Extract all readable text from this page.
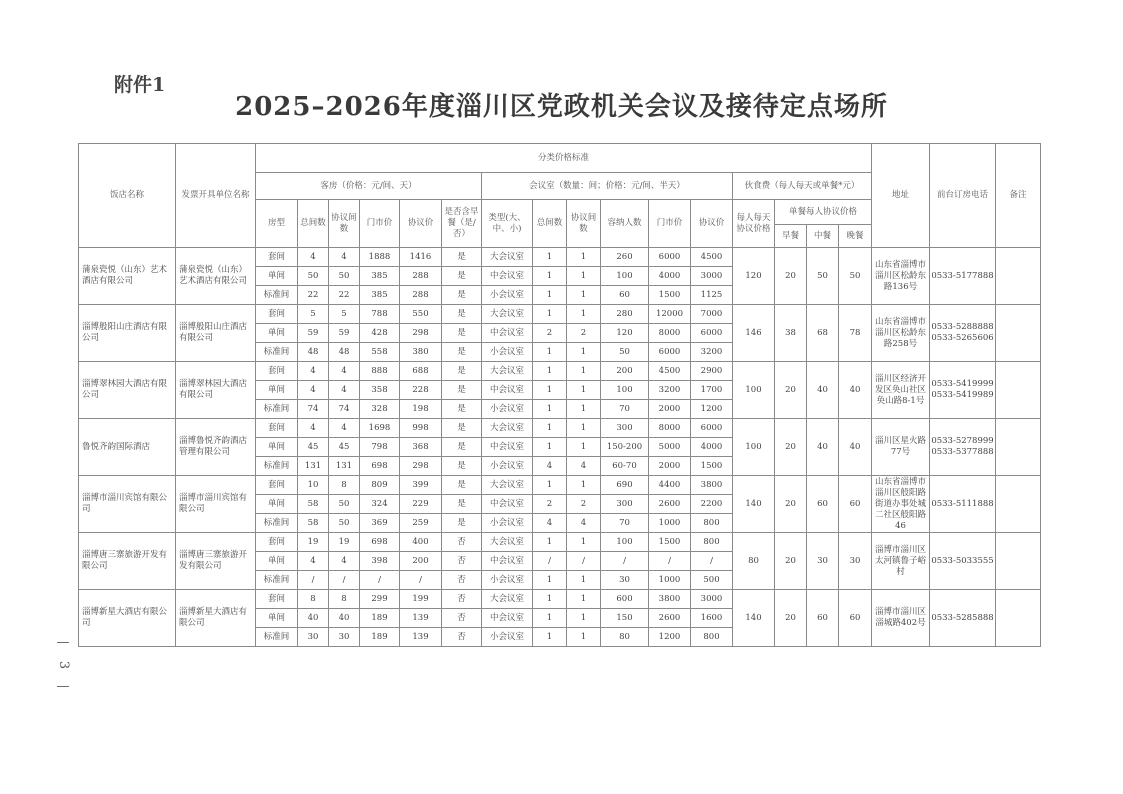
附件1
2025–2026年度淄川区党政机关会议及接待定点场所
—
3
—
饭店名称	发票开具单位名称	分类价格标准																地址	前台订房电话	备注
		客房（价格：元/间、天）						会议室（数量：间；价格：元/间、半天）						伙食费（每人每天或单餐*元）						
		房型	总间数	协议间数	门市价	协议价	是否含早餐（是/否）	类型(大、中、小)	总间数	协议间数	容纳人数	门市价	协议价	每人每天协议价格	单餐每人协议价格					
															早餐	中餐	晚餐			
蒲泉瓷悦（山东）艺术酒店有限公司	蒲泉瓷悦（山东）艺术酒店有限公司	套间	4	4	1888	1416	是	大会议室	1	1	260	6000	4500	120	20	50	50	山东省淄博市淄川区松龄东路136号	0533-5177888	
		单间	50	50	385	288	是	中会议室	1	1	100	4000	3000							
		标准间	22	22	385	288	是	小会议室	1	1	60	1500	1125							
淄博般阳山庄酒店有限公司	淄博般阳山庄酒店有限公司	套间	5	5	788	550	是	大会议室	1	1	280	12000	7000	146	38	68	78	山东省淄博市淄川区松龄东路258号	0533-5288888 0533-5265606	
		单间	59	59	428	298	是	中会议室	2	2	120	8000	6000							
		标准间	48	48	558	380	是	小会议室	1	1	50	6000	3200							
淄博翠林园大酒店有限公司	淄博翠林园大酒店有限公司	套间	4	4	888	688	是	大会议室	1	1	200	4500	2900	100	20	40	40	淄川区经济开发区奂山社区奂山路8-1号	0533-5419999 0533-5419989	
		单间	4	4	358	228	是	中会议室	1	1	100	3200	1700							
		标准间	74	74	328	198	是	小会议室	1	1	70	2000	1200							
鲁悦齐韵国际酒店	淄博鲁悦齐韵酒店管理有限公司	套间	4	4	1698	998	是	大会议室	1	1	300	8000	6000	100	20	40	40	淄川区星火路77号	0533-5278999 0533-5377888	
		单间	45	45	798	368	是	中会议室	1	1	150-200	5000	4000							
		标准间	131	131	698	298	是	小会议室	4	4	60-70	2000	1500							
淄博市淄川宾馆有限公司	淄博市淄川宾馆有限公司	套间	10	8	809	399	是	大会议室	1	1	690	4400	3800	140	20	60	60	山东省淄博市淄川区般阳路街道办事处城二社区般阳路46	0533-5111888	
		单间	58	50	324	229	是	中会议室	2	2	300	2600	2200							
		标准间	58	50	369	259	是	小会议室	4	4	70	1000	800							
淄博唐三寨旅游开发有限公司	淄博唐三寨旅游开发有限公司	套间	19	19	698	400	否	大会议室	1	1	100	1500	800	80	20	30	30	淄博市淄川区太河镇鲁子峪村	0533-5033555	
		单间	4	4	398	200	否	中会议室	/	/	/	/	/							
		标准间	/	/	/	/	否	小会议室	1	1	30	1000	500							
淄博新星大酒店有限公司	淄博新星大酒店有限公司	套间	8	8	299	199	否	大会议室	1	1	600	3800	3000	140	20	60	60	淄博市淄川区淄城路402号	0533-5285888	
		单间	40	40	189	139	否	中会议室	1	1	150	2600	1600							
		标准间	30	30	189	139	否	小会议室	1	1	80	1200	800							
